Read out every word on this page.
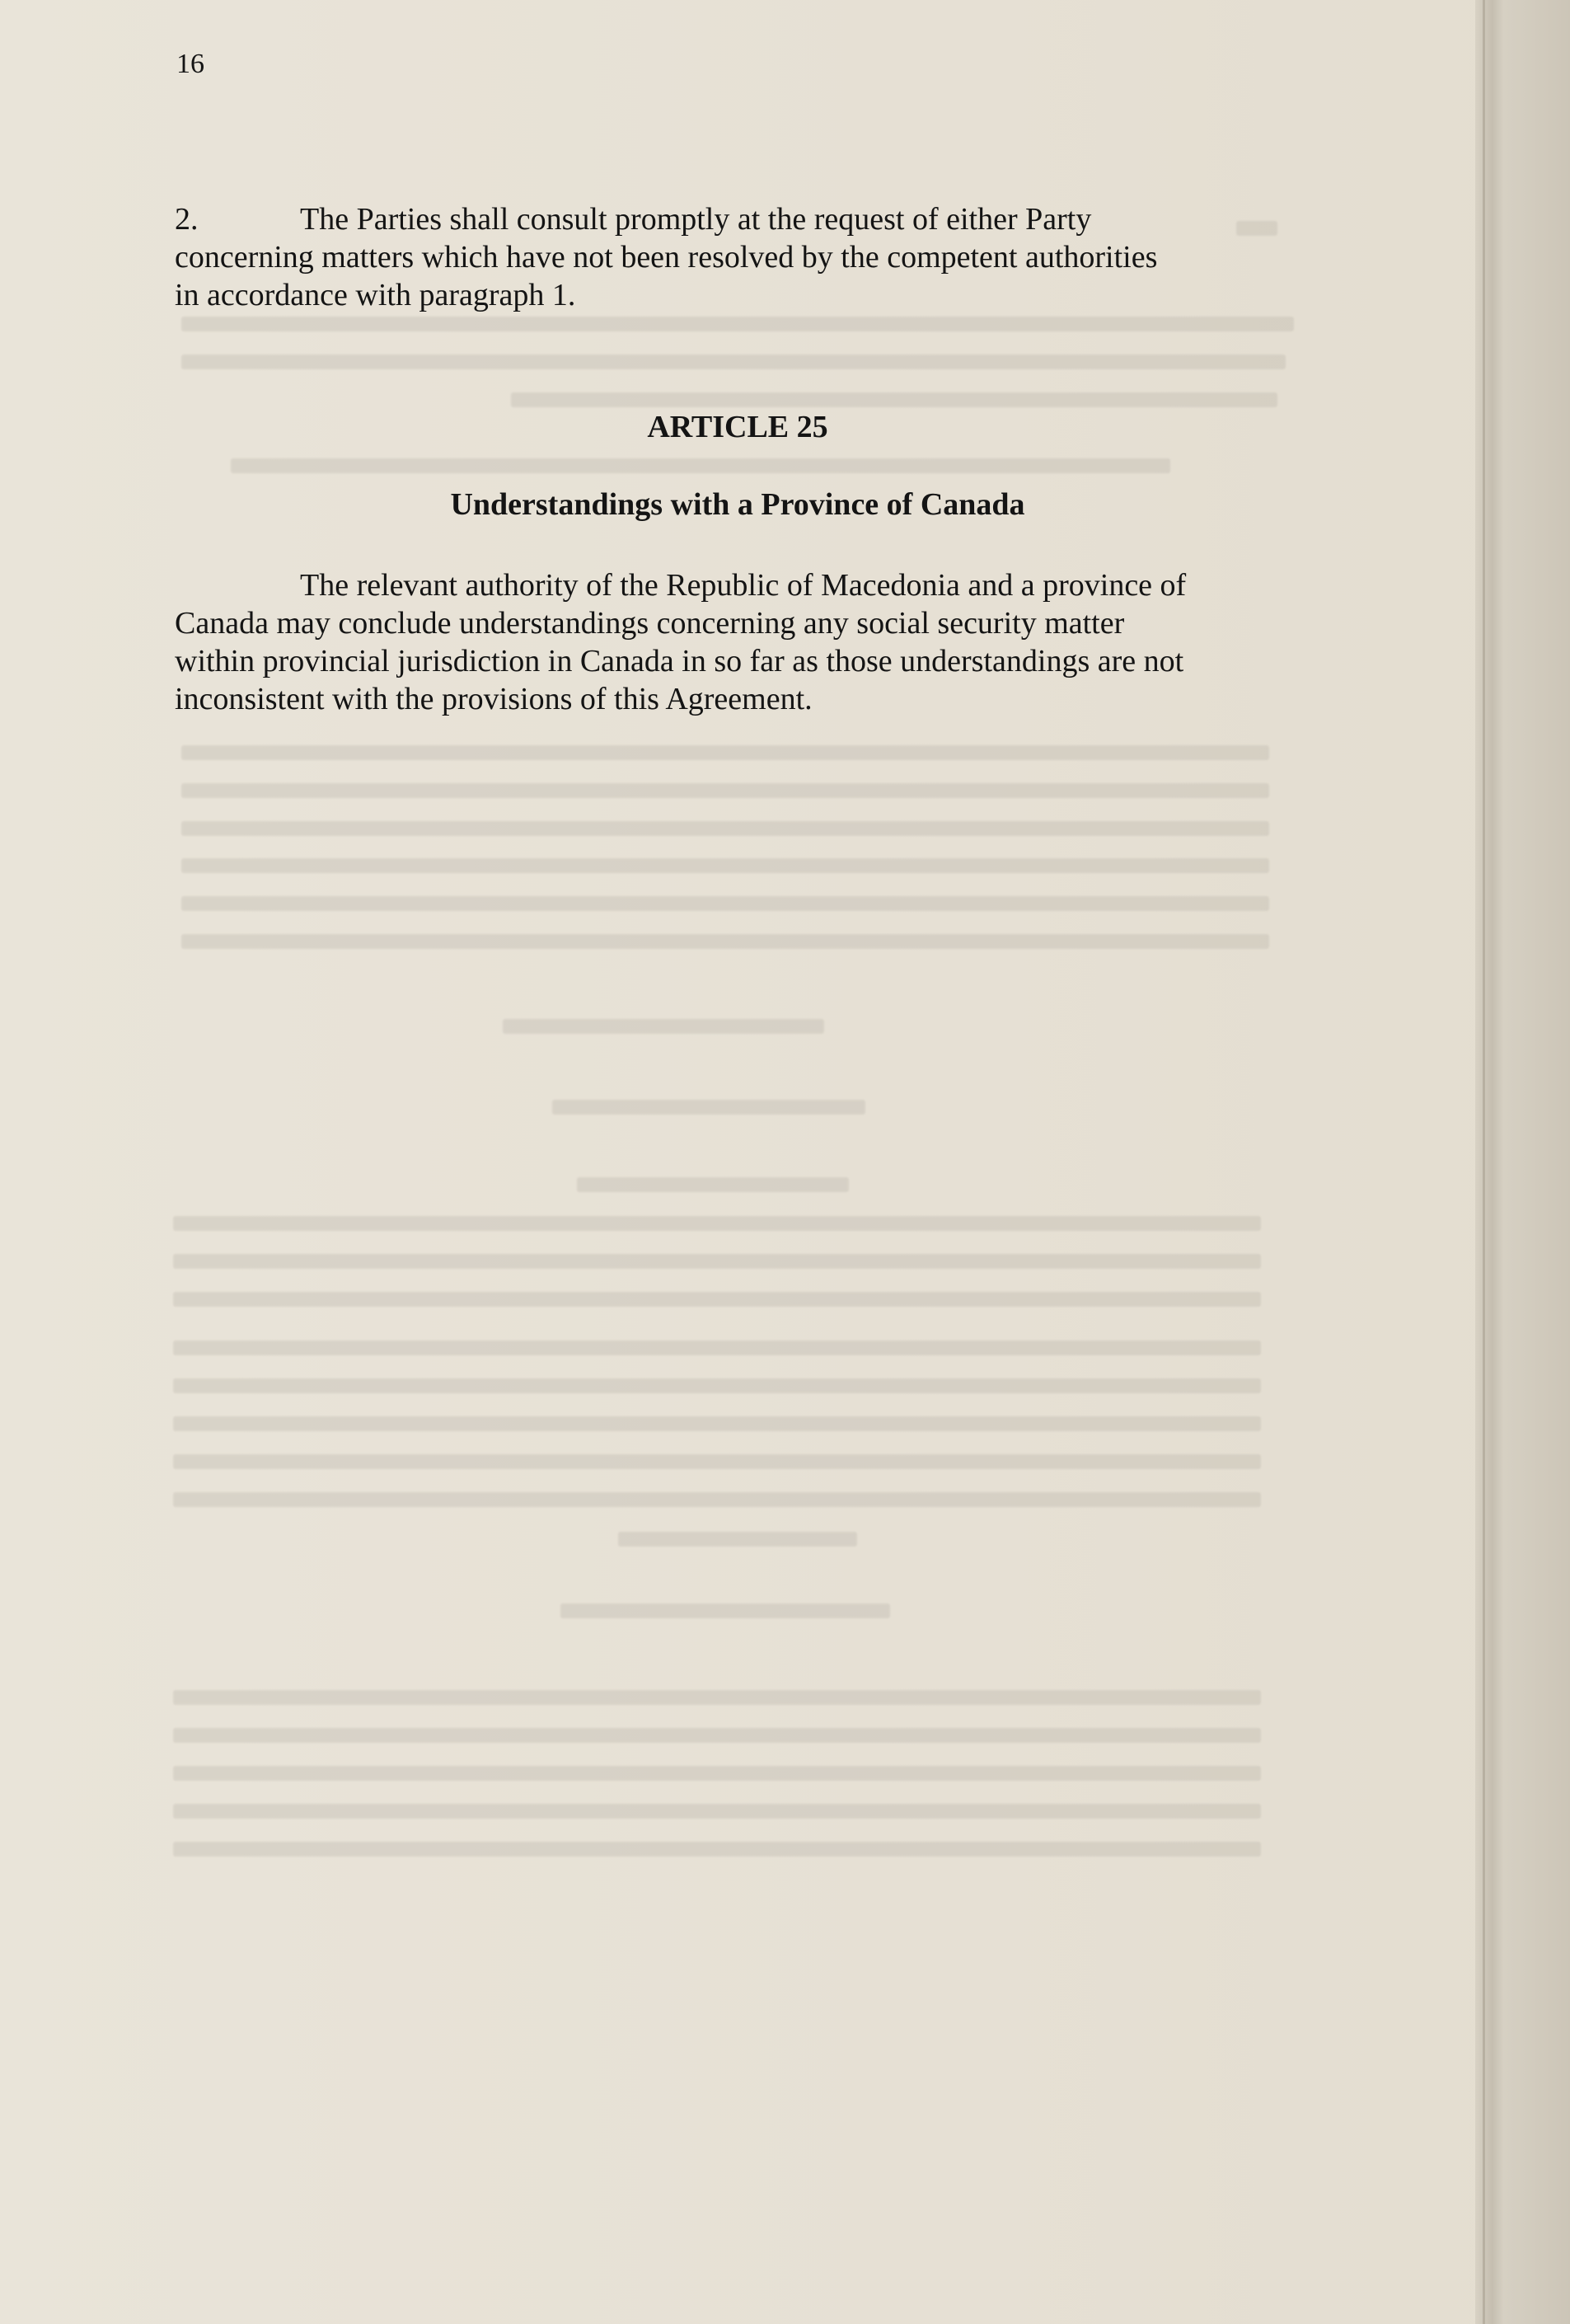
16
2.	The Parties shall consult promptly at the request of either Party
concerning matters which have not been resolved by the competent authorities
in accordance with paragraph 1.
ARTICLE 25
Understandings with a Province of Canada
The relevant authority of the Republic of Macedonia and a province of
Canada may conclude understandings concerning any social security matter
within provincial jurisdiction in Canada in so far as those understandings are not
inconsistent with the provisions of this Agreement.
